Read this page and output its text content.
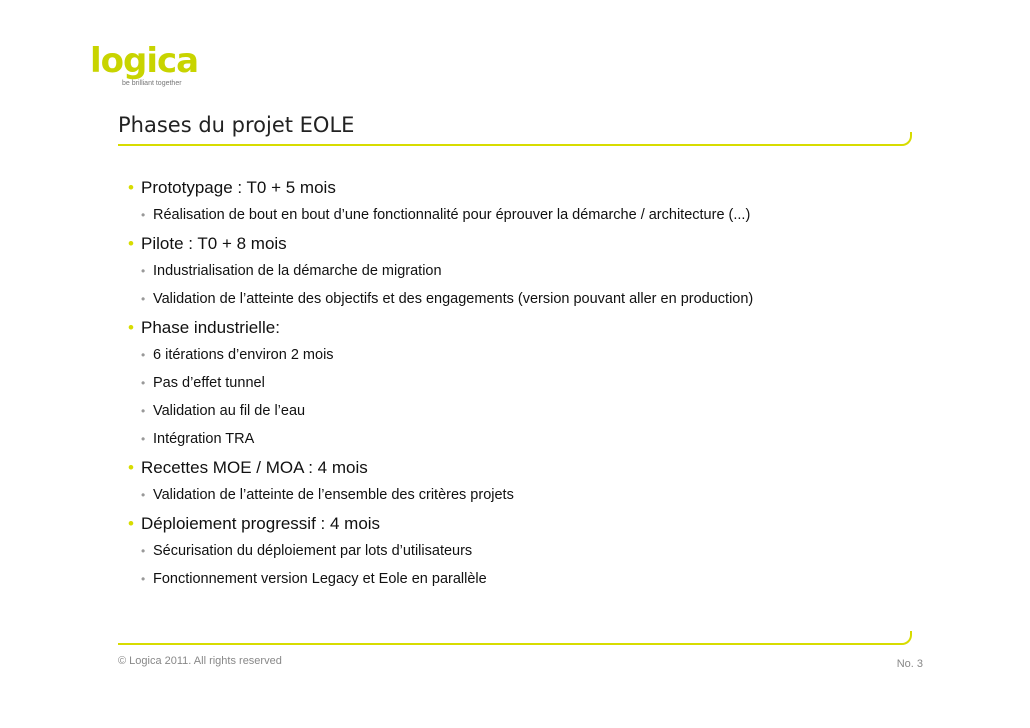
logica
be brilliant together
Phases du projet EOLE
• Prototypage : T0 + 5 mois
• Réalisation de bout en bout d’une fonctionnalité pour éprouver la démarche / architecture (...)
• Pilote : T0 + 8 mois
• Industrialisation de la démarche de migration
• Validation de l’atteinte des objectifs et des engagements (version pouvant aller en production)
• Phase industrielle:
• 6 itérations d’environ 2 mois
• Pas d’effet tunnel
• Validation au fil de l’eau
• Intégration TRA
• Recettes MOE / MOA : 4 mois
• Validation de l’atteinte de l’ensemble des critères projets
• Déploiement progressif : 4 mois
• Sécurisation du déploiement par lots d’utilisateurs
• Fonctionnement version Legacy et Eole en parallèle
© Logica 2011. All rights reserved	No. 3
